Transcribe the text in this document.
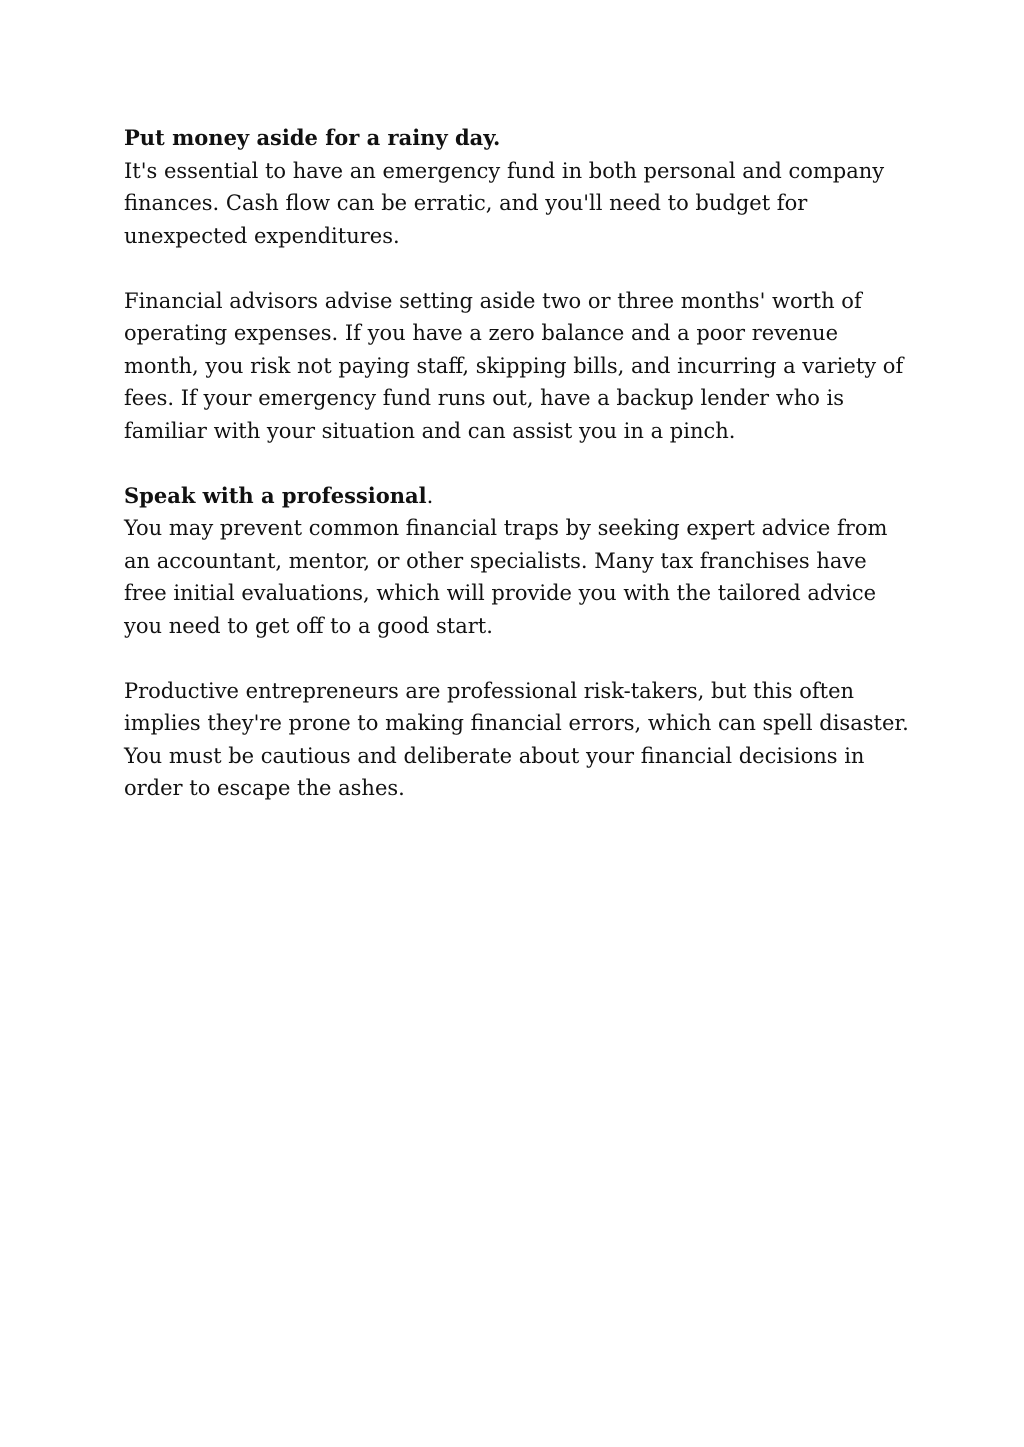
Put money aside for a rainy day.

It's essential to have an emergency fund in both personal and company finances. Cash flow can be erratic, and you'll need to budget for unexpected expenditures.

Financial advisors advise setting aside two or three months' worth of operating expenses. If you have a zero balance and a poor revenue month, you risk not paying staff, skipping bills, and incurring a variety of fees. If your emergency fund runs out, have a backup lender who is familiar with your situation and can assist you in a pinch.

Speak with a professional.

You may prevent common financial traps by seeking expert advice from an accountant, mentor, or other specialists. Many tax franchises have free initial evaluations, which will provide you with the tailored advice you need to get off to a good start.

Productive entrepreneurs are professional risk-takers, but this often implies they're prone to making financial errors, which can spell disaster. You must be cautious and deliberate about your financial decisions in order to escape the ashes.
